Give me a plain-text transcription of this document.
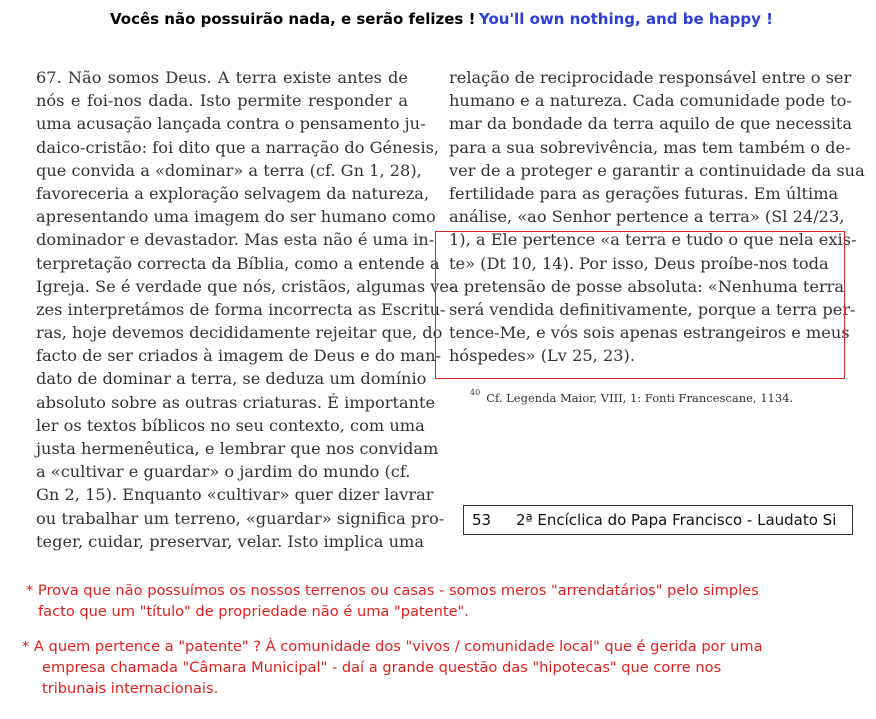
Vocês não possuirão nada, e serão felizes ! You'll own nothing, and be happy !
67. Não somos Deus. A terra existe antes de
nós e foi-nos dada. Isto permite responder a
uma acusação lançada contra o pensamento ju-
daico-cristão: foi dito que a narração do Génesis,
que convida a «dominar» a terra (cf. Gn 1, 28),
favoreceria a exploração selvagem da natureza,
apresentando uma imagem do ser humano como
dominador e devastador. Mas esta não é uma in-
terpretação correcta da Bíblia, como a entende a
Igreja. Se é verdade que nós, cristãos, algumas ve-
zes interpretámos de forma incorrecta as Escritu-
ras, hoje devemos decididamente rejeitar que, do
facto de ser criados à imagem de Deus e do man-
dato de dominar a terra, se deduza um domínio
absoluto sobre as outras criaturas. É importante
ler os textos bíblicos no seu contexto, com uma
justa hermenêutica, e lembrar que nos convidam
a «cultivar e guardar» o jardim do mundo (cf.
Gn 2, 15). Enquanto «cultivar» quer dizer lavrar
ou trabalhar um terreno, «guardar» significa pro-
teger, cuidar, preservar, velar. Isto implica uma
relação de reciprocidade responsável entre o ser
humano e a natureza. Cada comunidade pode to-
mar da bondade da terra aquilo de que necessita
para a sua sobrevivência, mas tem também o de-
ver de a proteger e garantir a continuidade da sua
fertilidade para as gerações futuras. Em última
análise, «ao Senhor pertence a terra» (Sl 24/23,
1), a Ele pertence «a terra e tudo o que nela exis-
te» (Dt 10, 14). Por isso, Deus proíbe-nos toda
a pretensão de posse absoluta: «Nenhuma terra
será vendida definitivamente, porque a terra per-
tence-Me, e vós sois apenas estrangeiros e meus
hóspedes» (Lv 25, 23).
$^{40}$ Cf. Legenda Maior, VIII, 1: Fonti Francescane, 1134.
53 2ª Encíclica do Papa Francisco - Laudato Si
* Prova que não possuímos os nossos terrenos ou casas - somos meros "arrendatários" pelo simples
facto que um "título" de propriedade não é uma "patente".
* A quem pertence a "patente" ? À comunidade dos "vivos / comunidade local" que é gerida por uma
empresa chamada "Câmara Municipal" - daí a grande questão das "hipotecas" que corre nos
tribunais internacionais.
